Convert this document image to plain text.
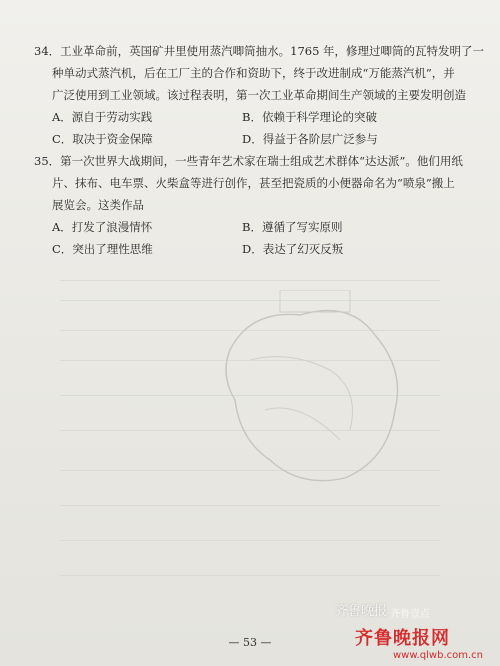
34．工业革命前，英国矿井里使用蒸汽唧筒抽水。1765 年，修理过唧筒的瓦特发明了一
种单动式蒸汽机，后在工厂主的合作和资助下，终于改进制成“万能蒸汽机”，并
广泛使用到工业领域。该过程表明，第一次工业革命期间生产领域的主要发明创造
A．源自于劳动实践	B．依赖于科学理论的突破
C．取决于资金保障	D．得益于各阶层广泛参与
35．第一次世界大战期间，一些青年艺术家在瑞士组成艺术群体“达达派”。他们用纸
片、抹布、电车票、火柴盒等进行创作，甚至把瓷质的小便器命名为“喷泉”搬上
展览会。这类作品
A．打发了浪漫情怀	B．遵循了写实原则
C．突出了理性思维	D．表达了幻灭反叛
— 53 —
齐鲁晚报 齐鲁壹点
齐鲁晚报网
www.qlwb.com.cn
